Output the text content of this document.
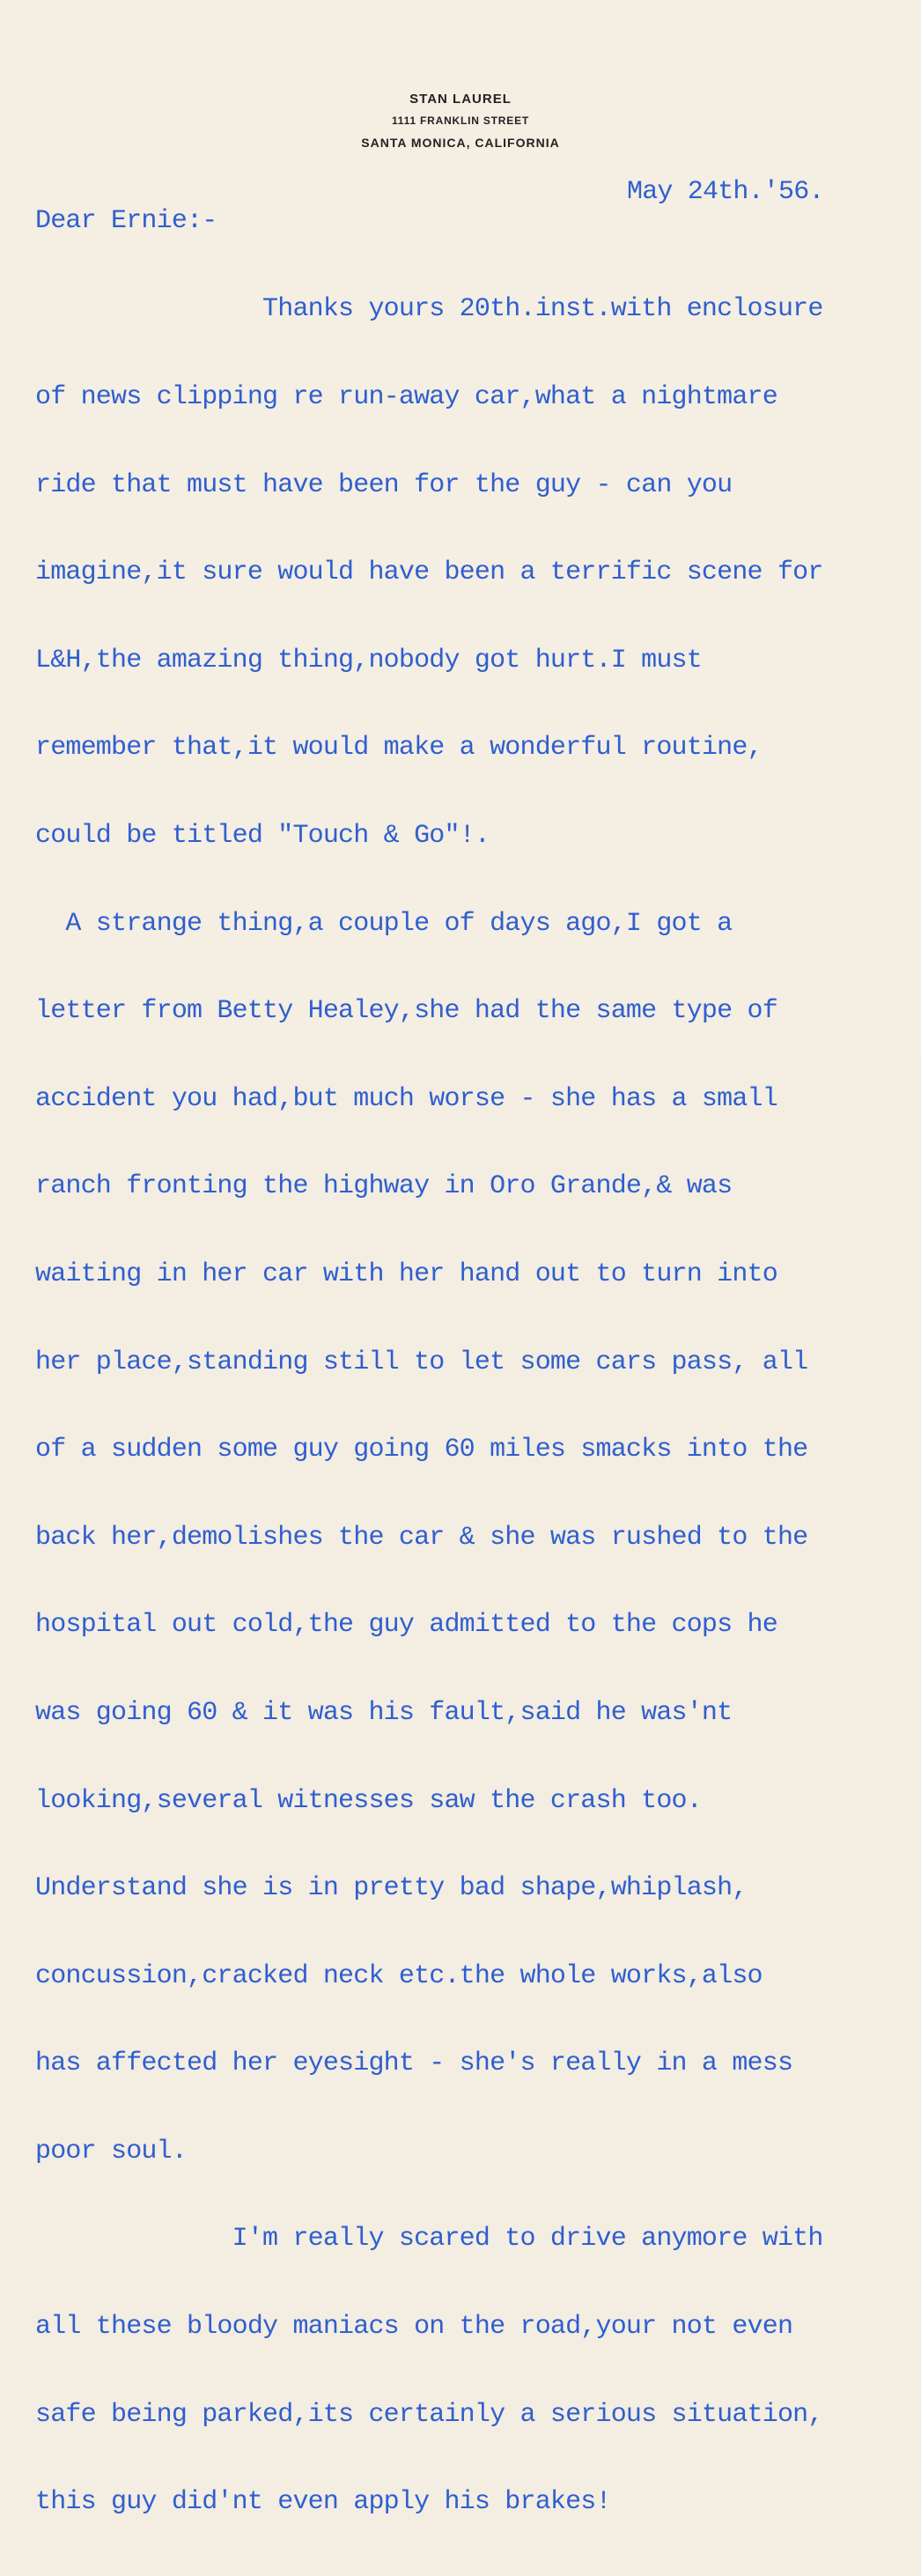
STAN LAUREL
1111 FRANKLIN STREET
SANTA MONICA, CALIFORNIA
May 24th.'56.
Dear Ernie:-

Thanks yours 20th.inst.with enclosure

of news clipping re run-away car,what a nightmare

ride that must have been for the guy - can you

imagine,it sure would have been a terrific scene for

L&H,the amazing thing,nobody got hurt.I must

remember that,it would make a wonderful routine,

could be titled "Touch & Go"!.

A strange thing,a couple of days ago,I got a

letter from Betty Healey,she had the same type of

accident you had,but much worse - she has a small

ranch fronting the highway in Oro Grande,& was

waiting in her car with her hand out to turn into

her place,standing still to let some cars pass, all

of a sudden some guy going 60 miles smacks into the

back her,demolishes the car & she was rushed to the

hospital out cold,the guy admitted to the cops he

was going 60 & it was his fault,said he was'nt

looking,several witnesses saw the crash too.

Understand she is in pretty bad shape,whiplash,

concussion,cracked neck etc.the whole works,also

has affected her eyesight - she's really in a mess

poor soul.

I'm really scared to drive anymore with

all these bloody maniacs on the road,your not even

safe being parked,its certainly a serious situation,

this guy did'nt even apply his brakes!
